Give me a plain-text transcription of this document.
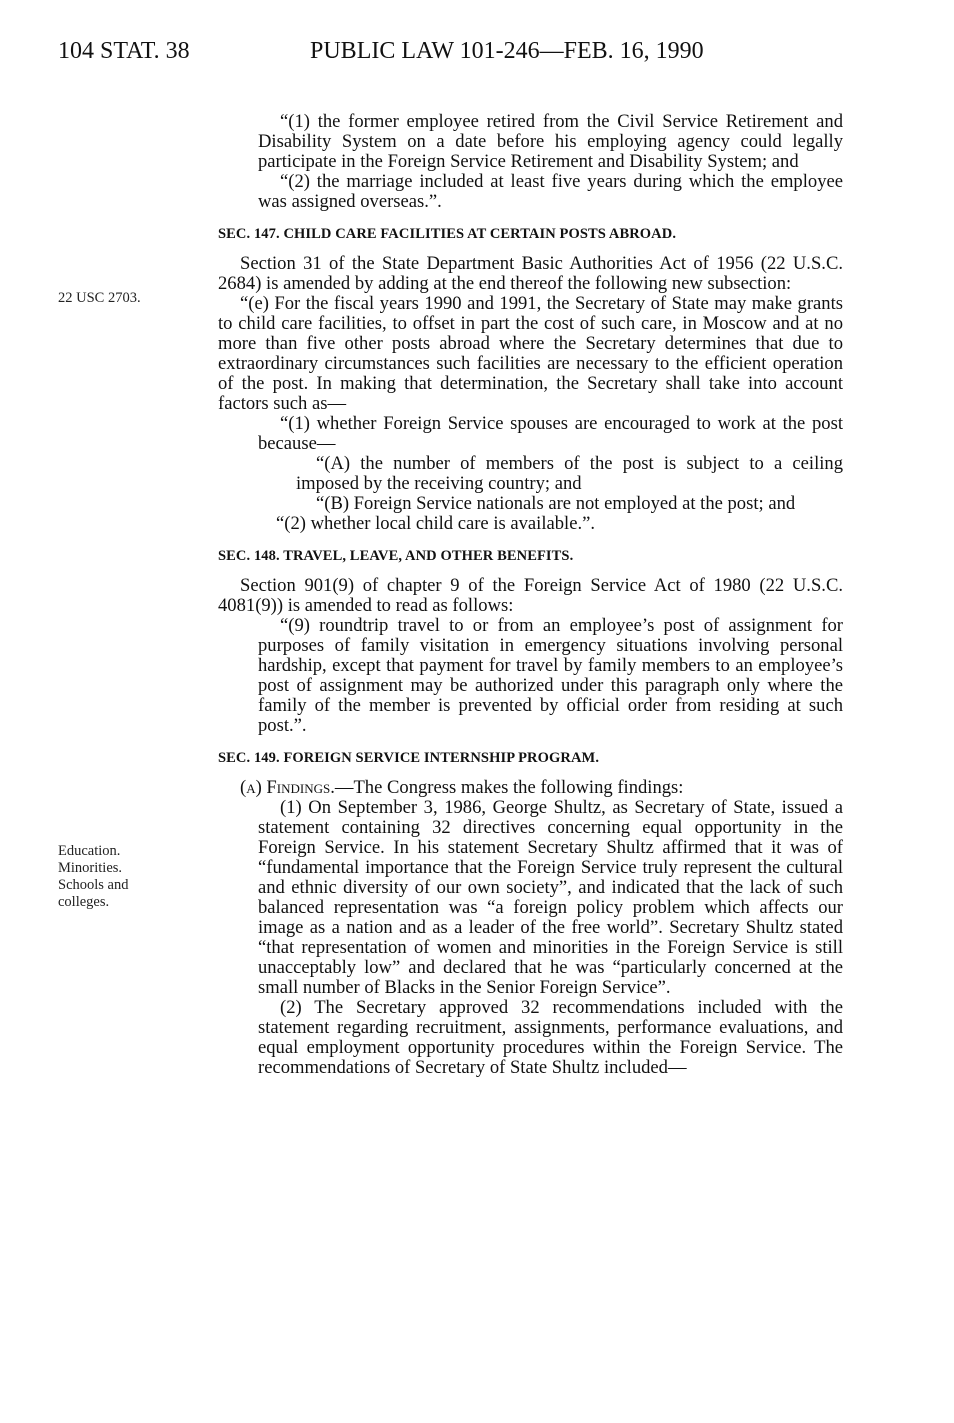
104 STAT. 38	PUBLIC LAW 101-246—FEB. 16, 1990
22 USC 2703.
Education.
Minorities.
Schools and
colleges.

“(1) the former employee retired from the Civil Service Retirement and Disability System on a date before his employing agency could legally participate in the Foreign Service Retirement and Disability System; and

“(2) the marriage included at least five years during which the employee was assigned overseas.”.

SEC. 147. CHILD CARE FACILITIES AT CERTAIN POSTS ABROAD.

Section 31 of the State Department Basic Authorities Act of 1956 (22 U.S.C. 2684) is amended by adding at the end thereof the following new subsection:

“(e) For the fiscal years 1990 and 1991, the Secretary of State may make grants to child care facilities, to offset in part the cost of such care, in Moscow and at no more than five other posts abroad where the Secretary determines that due to extraordinary circumstances such facilities are necessary to the efficient operation of the post. In making that determination, the Secretary shall take into account factors such as—

“(1) whether Foreign Service spouses are encouraged to work at the post because—

“(A) the number of members of the post is subject to a ceiling imposed by the receiving country; and

“(B) Foreign Service nationals are not employed at the post; and

“(2) whether local child care is available.”.

SEC. 148. TRAVEL, LEAVE, AND OTHER BENEFITS.

Section 901(9) of chapter 9 of the Foreign Service Act of 1980 (22 U.S.C. 4081(9)) is amended to read as follows:

“(9) roundtrip travel to or from an employee’s post of assignment for purposes of family visitation in emergency situations involving personal hardship, except that payment for travel by family members to an employee’s post of assignment may be authorized under this paragraph only where the family of the member is prevented by official order from residing at such post.”.

SEC. 149. FOREIGN SERVICE INTERNSHIP PROGRAM.

(a) Findings.—The Congress makes the following findings:

(1) On September 3, 1986, George Shultz, as Secretary of State, issued a statement containing 32 directives concerning equal opportunity in the Foreign Service. In his statement Secretary Shultz affirmed that it was of “fundamental importance that the Foreign Service truly represent the cultural and ethnic diversity of our own society”, and indicated that the lack of such balanced representation was “a foreign policy problem which affects our image as a nation and as a leader of the free world”. Secretary Shultz stated “that representation of women and minorities in the Foreign Service is still unacceptably low” and declared that he was “particularly concerned at the small number of Blacks in the Senior Foreign Service”.

(2) The Secretary approved 32 recommendations included with the statement regarding recruitment, assignments, performance evaluations, and equal employment opportunity procedures within the Foreign Service. The recommendations of Secretary of State Shultz included—
